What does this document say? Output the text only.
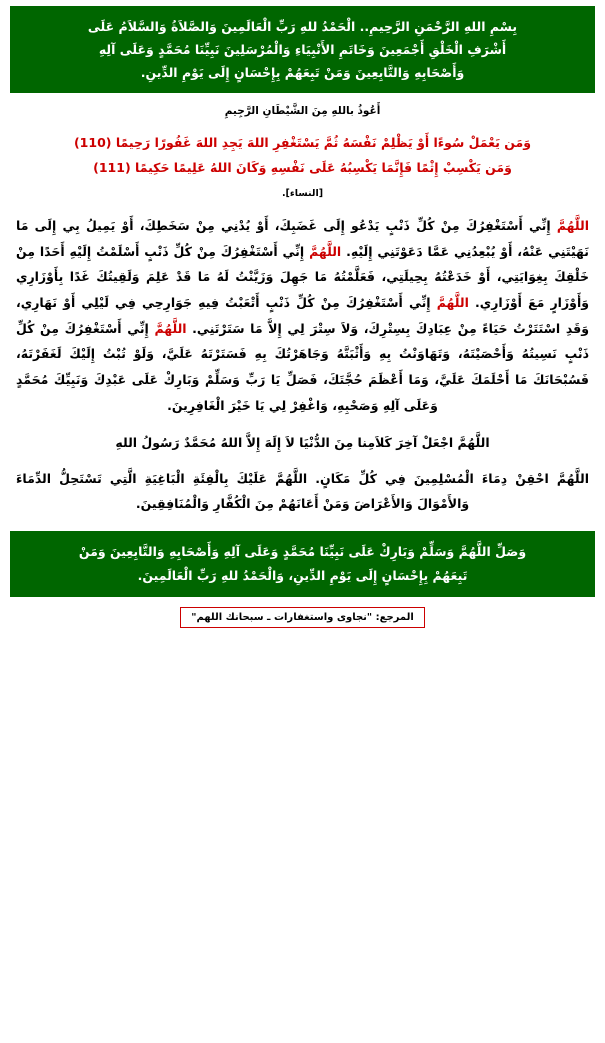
بِسْمِ اللهِ الرَّحْمَنِ الرَّحِيمِ.. الْحَمْدُ للهِ رَبِّ الْعَالَمِينَ وَالصَّلاَةُ وَالسَّلاَمُ عَلَى
أَشْرَفِ الْخَلْقِ أَجْمَعِينَ وَخَاتَمِ الأَنْبِيَاءِ وَالْمُرْسَلِينَ نَبِيِّنَا مُحَمَّدٍ وَعَلَى آلِهِ
وَأَصْحَابِهِ وَالتَّابِعِينَ وَمَنْ تَبِعَهُمْ بِإِحْسَانٍ إِلَى يَوْمِ الدِّينِ.
أَعُوذُ باللهِ مِنَ الشَّيْطَانِ الرَّجِيمِ
وَمَن يَعْمَلْ سُوءًا أَوْ يَظْلِمْ نَفْسَهُ ثُمَّ يَسْتَغْفِرِ اللهَ يَجِدِ اللهَ غَفُورًا رَحِيمًا (110)
وَمَن يَكْسِبْ إِثْمًا فَإِنَّمَا يَكْسِبُهُ عَلَى نَفْسِهِ وَكَانَ اللهُ عَلِيمًا حَكِيمًا (111)
[النساء].
اللَّهُمَّ إِنِّي أَسْتَغْفِرُكَ مِنْ كُلِّ ذَنْبٍ يَدْعُو إِلَى غَضَبِكَ، أَوْ يُدْنِي مِنْ سَخَطِكَ، أَوْ يَمِيلُ بِي إِلَى مَا نَهَيْتَنِي عَنْهُ، أَوْ يُبْعِدُنِي عَمَّا دَعَوْتَنِي إِلَيْهِ. اللَّهُمَّ إِنِّي أَسْتَغْفِرُكَ مِنْ كُلِّ ذَنْبٍ أَسْلَمْتُ إِلَيْهِ أَحَدًا مِنْ خَلْقِكَ بِغِوَايَتِي، أَوْ خَدَعْتُهُ بِحِيلَتِي، فَعَلَّمْتُهُ مَا جَهِلَ وَزَيَّنْتُ لَهُ مَا قَدْ عَلِمَ وَلَقِيتُكَ غَدًا بِأَوْزَارِي وَأَوْزَارٍ مَعَ أَوْزَارِي. اللَّهُمَّ إِنِّي أَسْتَغْفِرُكَ مِنْ كُلِّ ذَنْبٍ أَتْعَبْتُ فِيهِ جَوَارِحِي فِي لَيْلِي أَوْ نَهَارِي، وَقَدِ اسْتَتَرْتُ حَيَاءً مِنْ عِبَادِكَ بِسِتْرِكَ، وَلاَ سِتْرَ لِي إِلاَّ مَا سَتَرْتَنِي. اللَّهُمَّ إِنِّي أَسْتَغْفِرُكَ مِنْ كُلِّ ذَنْبٍ نَسِيتُهُ وَأَحْصَيْتَهُ، وَتَهَاوَنْتُ بِهِ وَأَثْبَتَّهُ وَجَاهَرْتُكَ بِهِ فَسَتَرْتَهُ عَلَيَّ، وَلَوْ تُبْتُ إِلَيْكَ لَغَفَرْتَهُ، فَسُبْحَانَكَ مَا أَحْلَمَكَ عَلَيَّ، وَمَا أَعْظَمَ حُجَّتَكَ، فَصَلِّ يَا رَبِّ وَسَلِّمْ وَبَارِكْ عَلَى عَبْدِكَ وَنَبِيِّكَ مُحَمَّدٍ وَعَلَى آلِهِ وَصَحْبِهِ، وَاغْفِرْ لِي يَا خَيْرَ الْغَافِرِينَ.
اللَّهُمَّ اجْعَلْ آخِرَ كَلاَمِنا مِنَ الدُّنْيَا لاَ إِلَهَ إِلاَّ اللهُ مُحَمَّدٌ رَسُولُ اللهِ
اللَّهُمَّ احْقِنْ دِمَاءَ الْمُسْلِمِينَ فِي كُلِّ مَكَانٍ. اللَّهُمَّ عَلَيْكَ بِالْفِئَةِ الْبَاغِيَةِ الَّتِي تَسْتَحِلُّ الدِّمَاءَ وَالأَمْوَالَ وَالأَعْرَاضَ وَمَنْ أَعَانَهُمْ مِنَ الْكُفَّارِ وَالْمُنَافِقِينَ.
وَصَلِّ اللَّهُمَّ وَسَلِّمْ وَبَارِكْ عَلَى نَبِيِّنَا مُحَمَّدٍ وَعَلَى آلِهِ وَأَصْحَابِهِ وَالتَّابِعِينَ وَمَنْ
تَبِعَهُمْ بِإِحْسَانٍ إِلَى يَوْمِ الدِّينِ، وَالْحَمْدُ للهِ رَبِّ الْعَالَمِينَ.
المرجع: "نجاوى واستغفارات ـ سبحانك اللهم"
